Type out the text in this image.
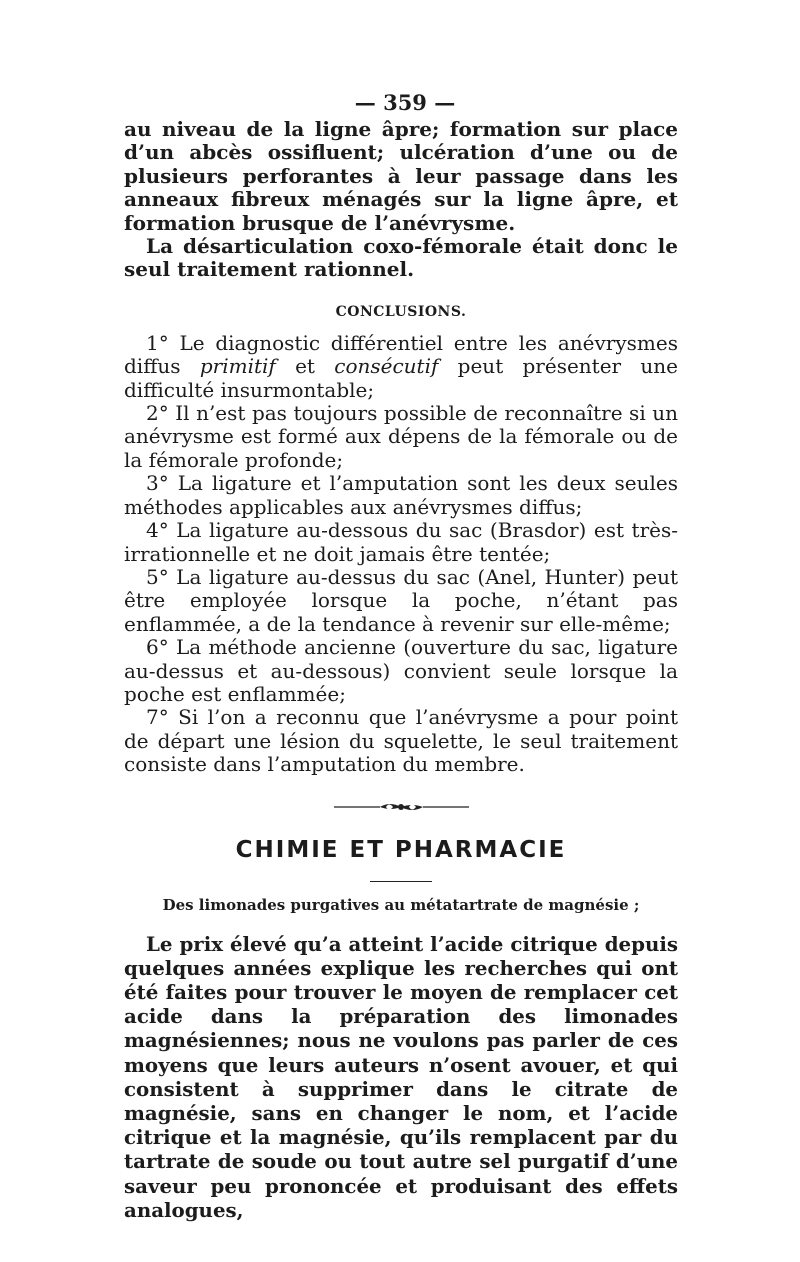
— 359 —

au niveau de la ligne âpre; formation sur place d’un abcès ossifluent; ulcération d’une ou de plusieurs perforantes à leur passage dans les anneaux fibreux ménagés sur la ligne âpre, et formation brusque de l’anévrysme.

La désarticulation coxo-fémorale était donc le seul traitement rationnel.

CONCLUSIONS.

1° Le diagnostic différentiel entre les anévrysmes diffus primitif et consécutif peut présenter une difficulté insurmontable;

2° Il n’est pas toujours possible de reconnaître si un anévrysme est formé aux dépens de la fémorale ou de la fémorale profonde;

3° La ligature et l’amputation sont les deux seules méthodes applicables aux anévrysmes diffus;

4° La ligature au-dessous du sac (Brasdor) est très-irrationnelle et ne doit jamais être tentée;

5° La ligature au-dessus du sac (Anel, Hunter) peut être employée lorsque la poche, n’étant pas enflammée, a de la tendance à revenir sur elle-même;

6° La méthode ancienne (ouverture du sac, ligature au-dessus et au-dessous) convient seule lorsque la poche est enflammée;

7° Si l’on a reconnu que l’anévrysme a pour point de départ une lésion du squelette, le seul traitement consiste dans l’amputation du membre.

CHIMIE ET PHARMACIE
Des limonades purgatives au métatartrate de magnésie ;

Le prix élevé qu’a atteint l’acide citrique depuis quelques années explique les recherches qui ont été faites pour trouver le moyen de remplacer cet acide dans la préparation des limonades magnésiennes; nous ne voulons pas parler de ces moyens que leurs auteurs n’osent avouer, et qui consistent à supprimer dans le citrate de magnésie, sans en changer le nom, et l’acide citrique et la magnésie, qu’ils remplacent par du tartrate de soude ou tout autre sel purgatif d’une saveur peu prononcée et produisant des effets analogues,
